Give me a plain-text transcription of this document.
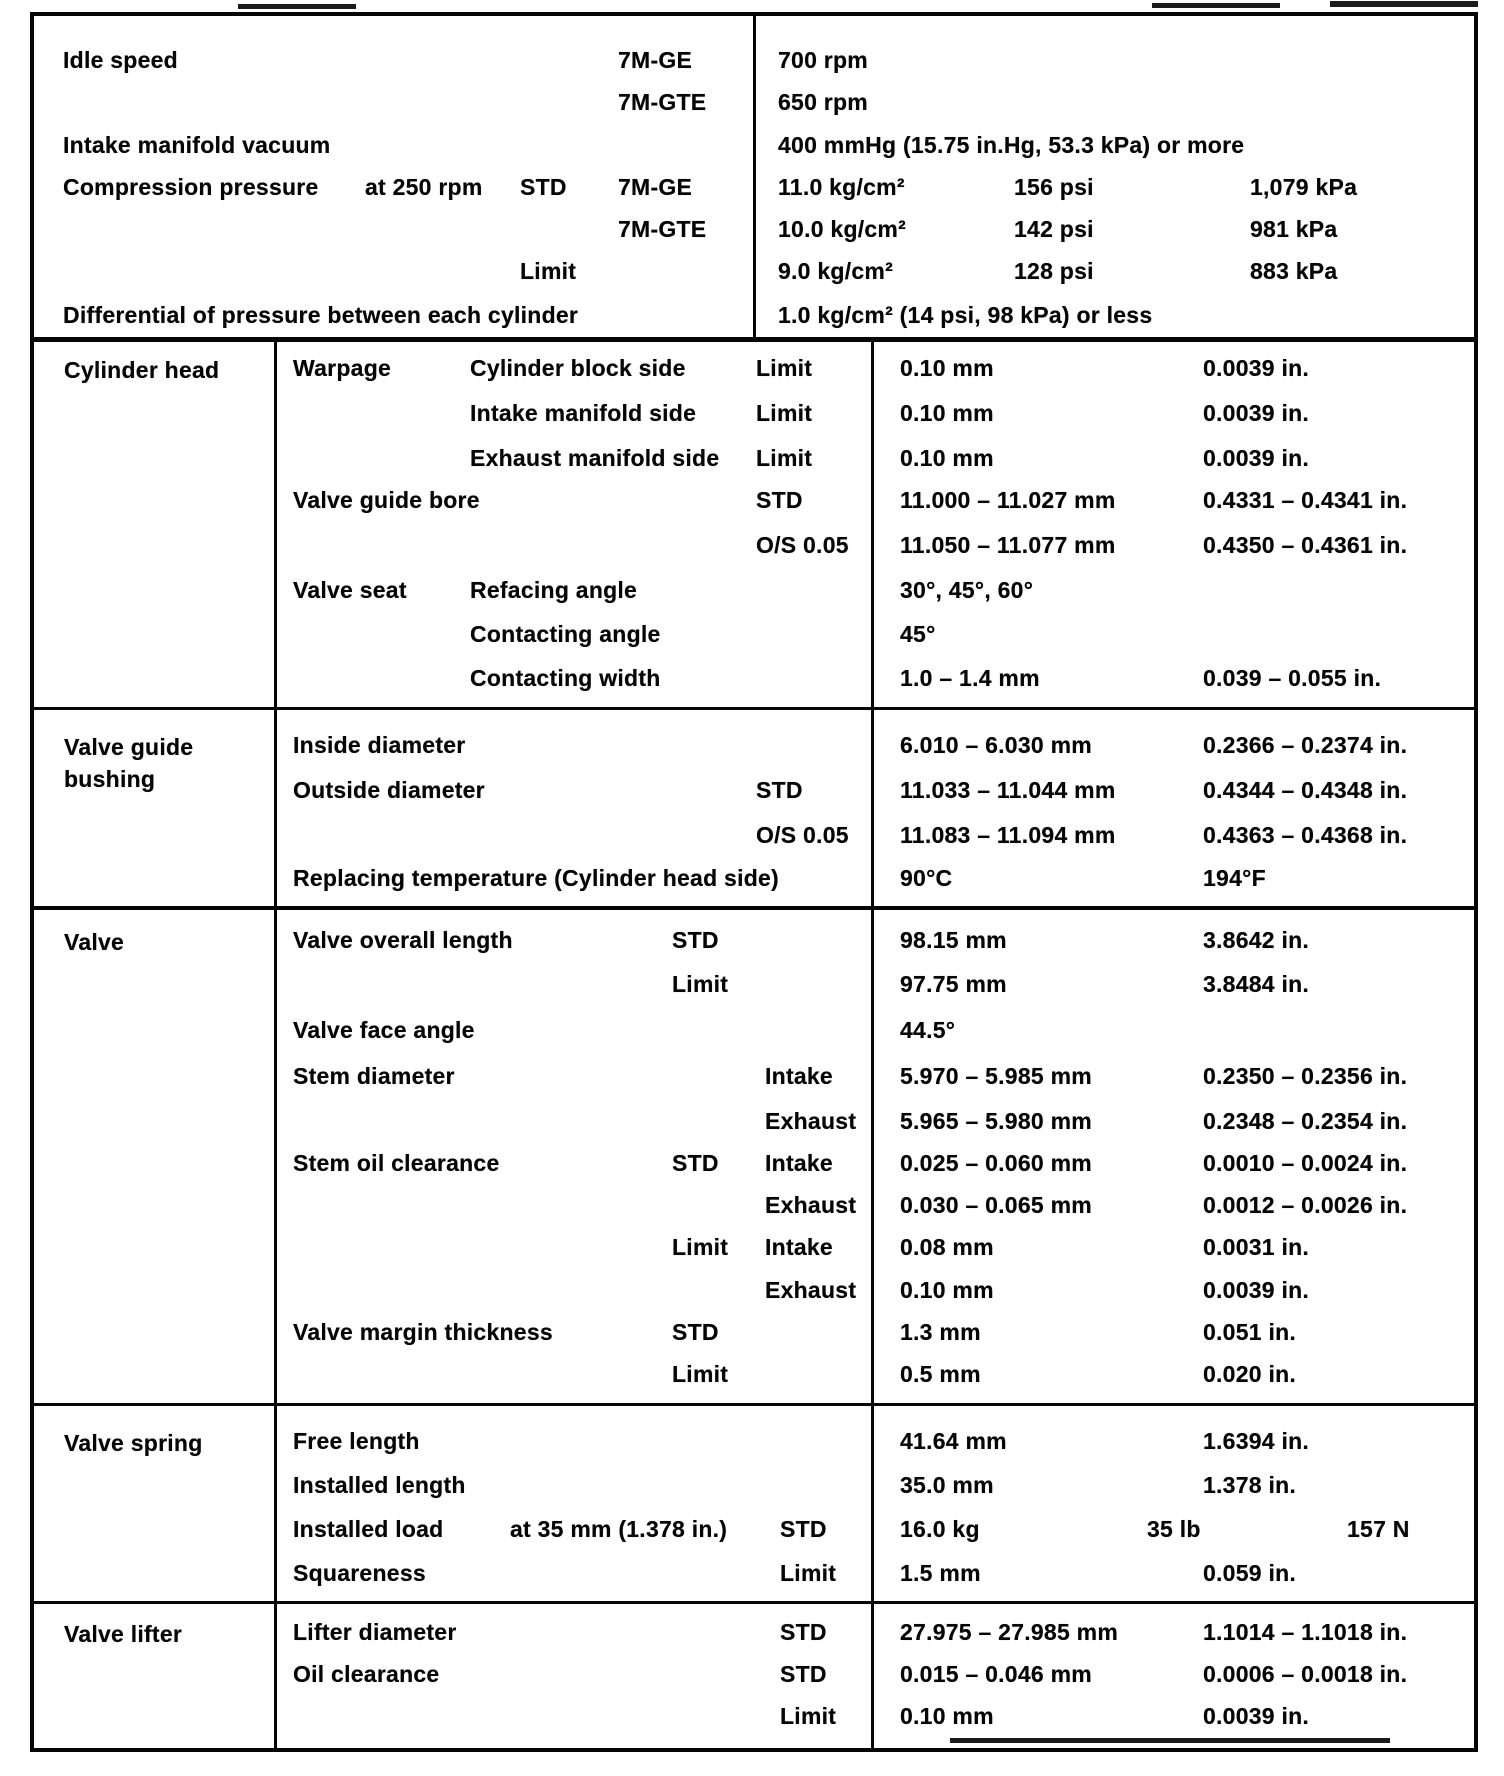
Idle speed	7M-GE	700 rpm
7M-GTE	650 rpm
Intake manifold vacuum	400 mmHg (15.75 in.Hg, 53.3 kPa) or more
Compression pressure at 250 rpm STD 7M-GE	11.0 kg/cm²	156 psi	1,079 kPa
7M-GTE	10.0 kg/cm²	142 psi	981 kPa
Limit	9.0 kg/cm²	128 psi	883 kPa
Differential of pressure between each cylinder	1.0 kg/cm² (14 psi, 98 kPa) or less
Cylinder head	Warpage	Cylinder block side	Limit	0.10 mm	0.0039 in.
Intake manifold side	Limit	0.10 mm	0.0039 in.
Exhaust manifold side Limit	0.10 mm	0.0039 in.
Valve guide bore	STD	11.000 – 11.027 mm	0.4331 – 0.4341 in.
O/S 0.05 11.050 – 11.077 mm	0.4350 – 0.4361 in.
Valve seat	Refacing angle	30°, 45°, 60°
Contacting angle	45°
Contacting width	1.0 – 1.4 mm	0.039 – 0.055 in.
Valve guide bushing
Inside diameter	6.010 – 6.030 mm	0.2366 – 0.2374 in.
Outside diameter	STD	11.033 – 11.044 mm	0.4344 – 0.4348 in.
O/S 0.05 11.083 – 11.094 mm	0.4363 – 0.4368 in.
Replacing temperature (Cylinder head side)	90°C	194°F
Valve	Valve overall length	STD	98.15 mm	3.8642 in.
Limit	97.75 mm	3.8484 in.
Valve face angle	44.5°
Stem diameter	Intake	5.970 – 5.985 mm	0.2350 – 0.2356 in.
Exhaust 5.965 – 5.980 mm	0.2348 – 0.2354 in.
Stem oil clearance	STD Intake	0.025 – 0.060 mm	0.0010 – 0.0024 in.
Exhaust 0.030 – 0.065 mm	0.0012 – 0.0026 in.
Limit Intake	0.08 mm	0.0031 in.
Exhaust 0.10 mm	0.0039 in.
Valve margin thickness	STD	1.3 mm	0.051 in.
Limit	0.5 mm	0.020 in.
Valve spring	Free length	41.64 mm	1.6394 in.
Installed length	35.0 mm	1.378 in.
Installed load	at 35 mm (1.378 in.) STD	16.0 kg	35 lb	157 N
Squareness	Limit	1.5 mm	0.059 in.
Valve lifter	Lifter diameter	STD	27.975 – 27.985 mm	1.1014 – 1.1018 in.
Oil clearance	STD	0.015 – 0.046 mm	0.0006 – 0.0018 in.
Limit	0.10 mm	0.0039 in.
